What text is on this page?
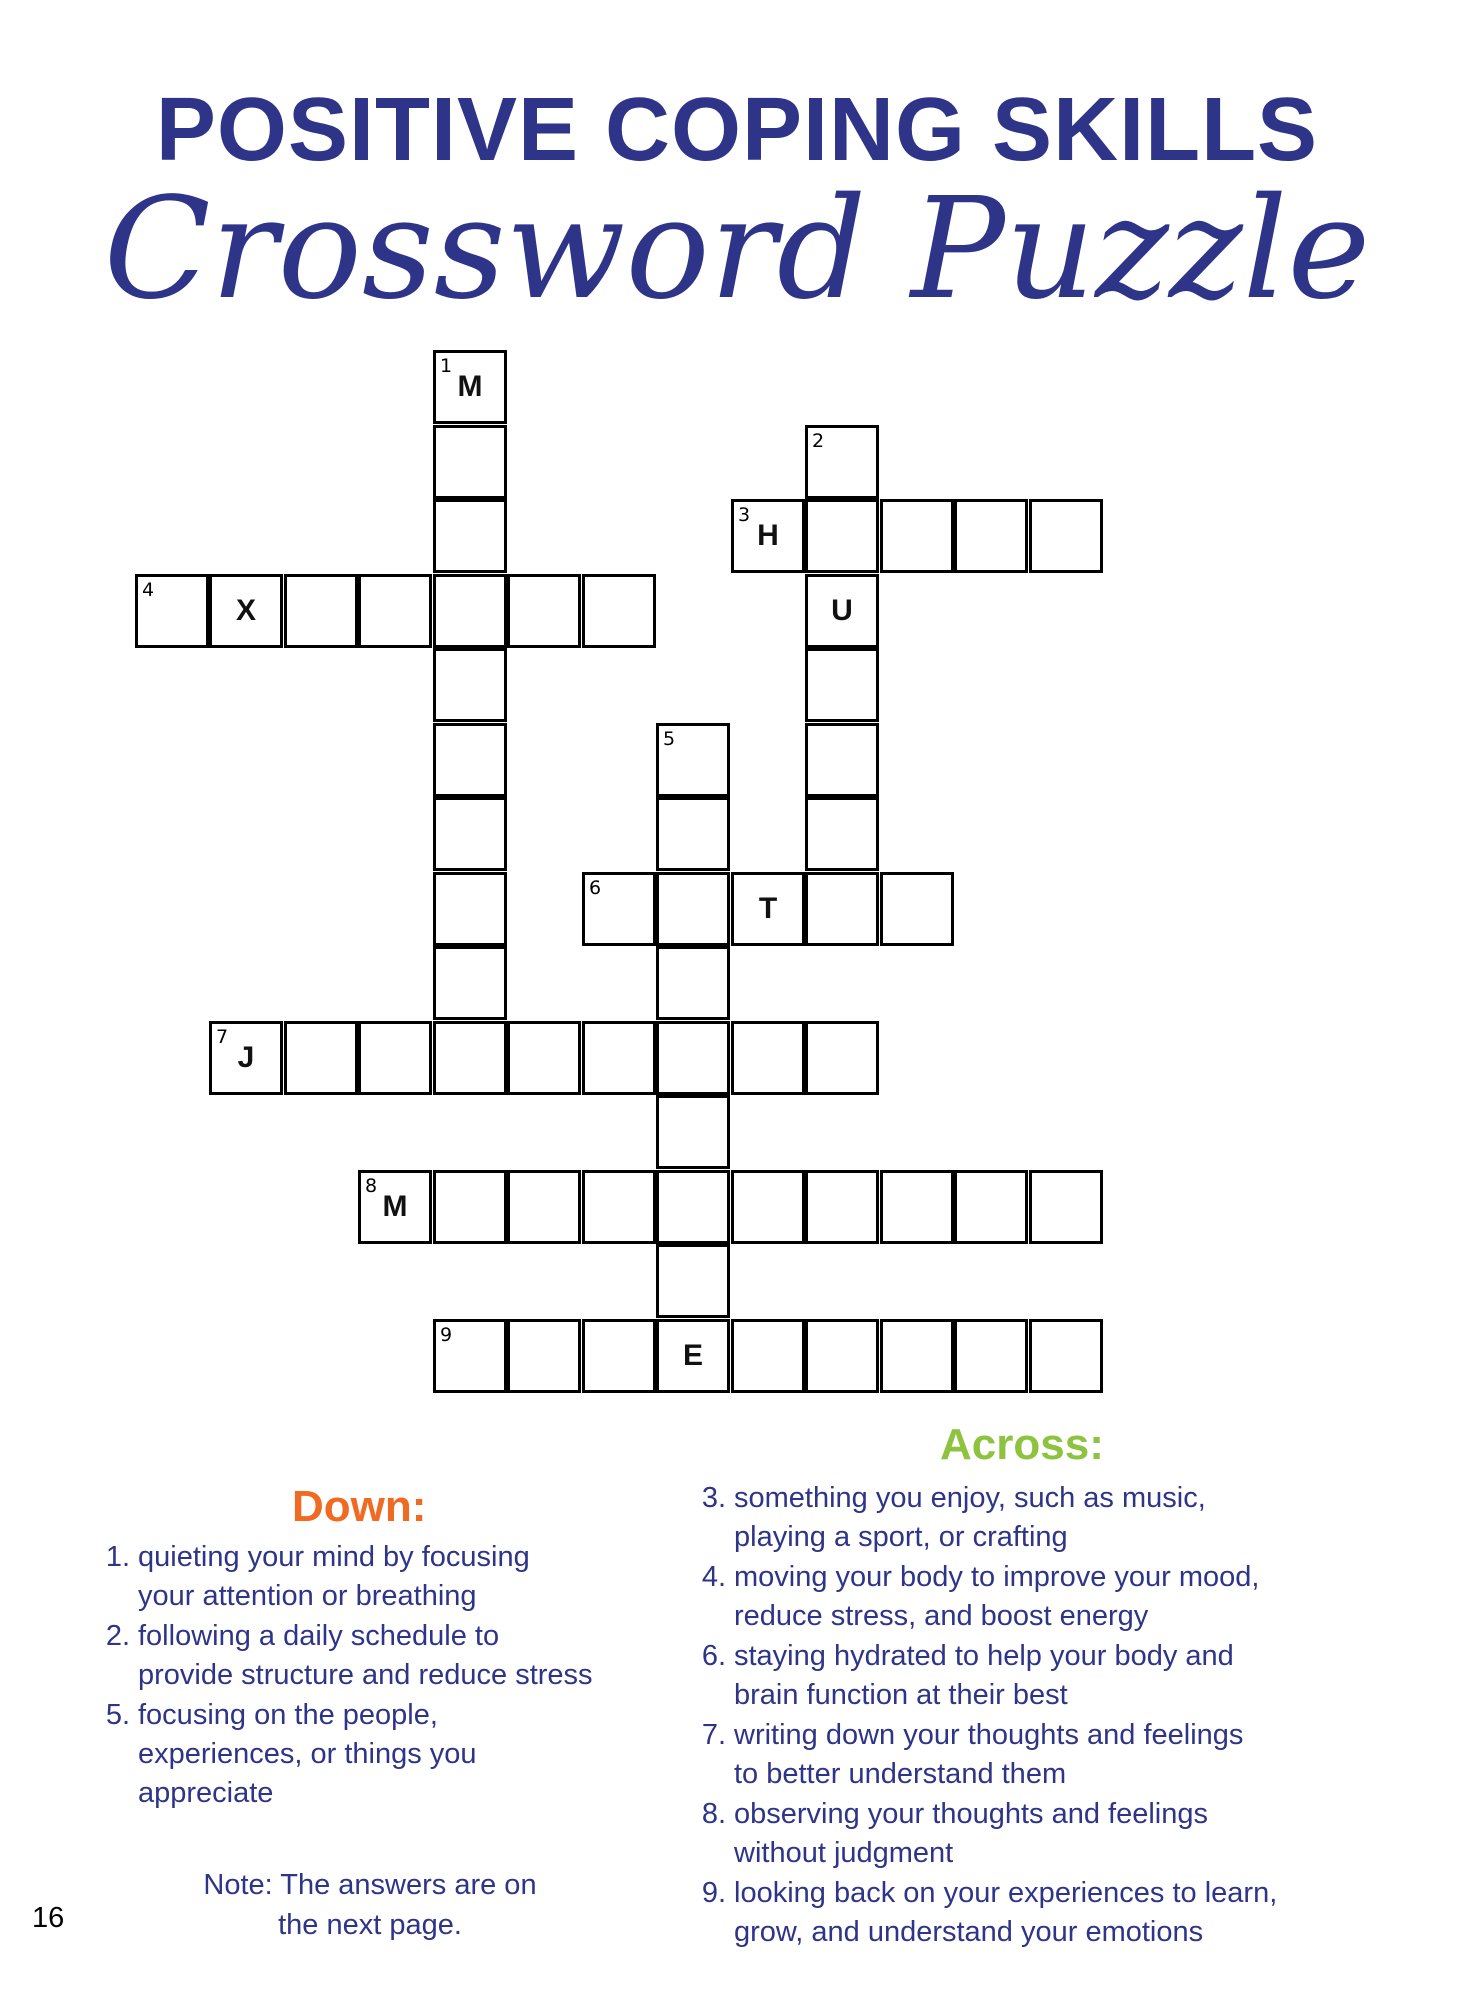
POSITIVE COPING SKILLS
Crossword Puzzle
1
M
2
3
H
U
4
X
5
6
T
7
J
8
M
9
E
Down:
Across:
1. quieting your mind by focusing
your attention or breathing
2. following a daily schedule to
provide structure and reduce stress
5. focusing on the people,
experiences, or things you
appreciate
3. something you enjoy, such as music,
playing a sport, or crafting
4. moving your body to improve your mood,
reduce stress, and boost energy
6. staying hydrated to help your body and
brain function at their best
7. writing down your thoughts and feelings
to better understand them
8. observing your thoughts and feelings
without judgment
9. looking back on your experiences to learn,
grow, and understand your emotions
Note: The answers are on
the next page.
16
